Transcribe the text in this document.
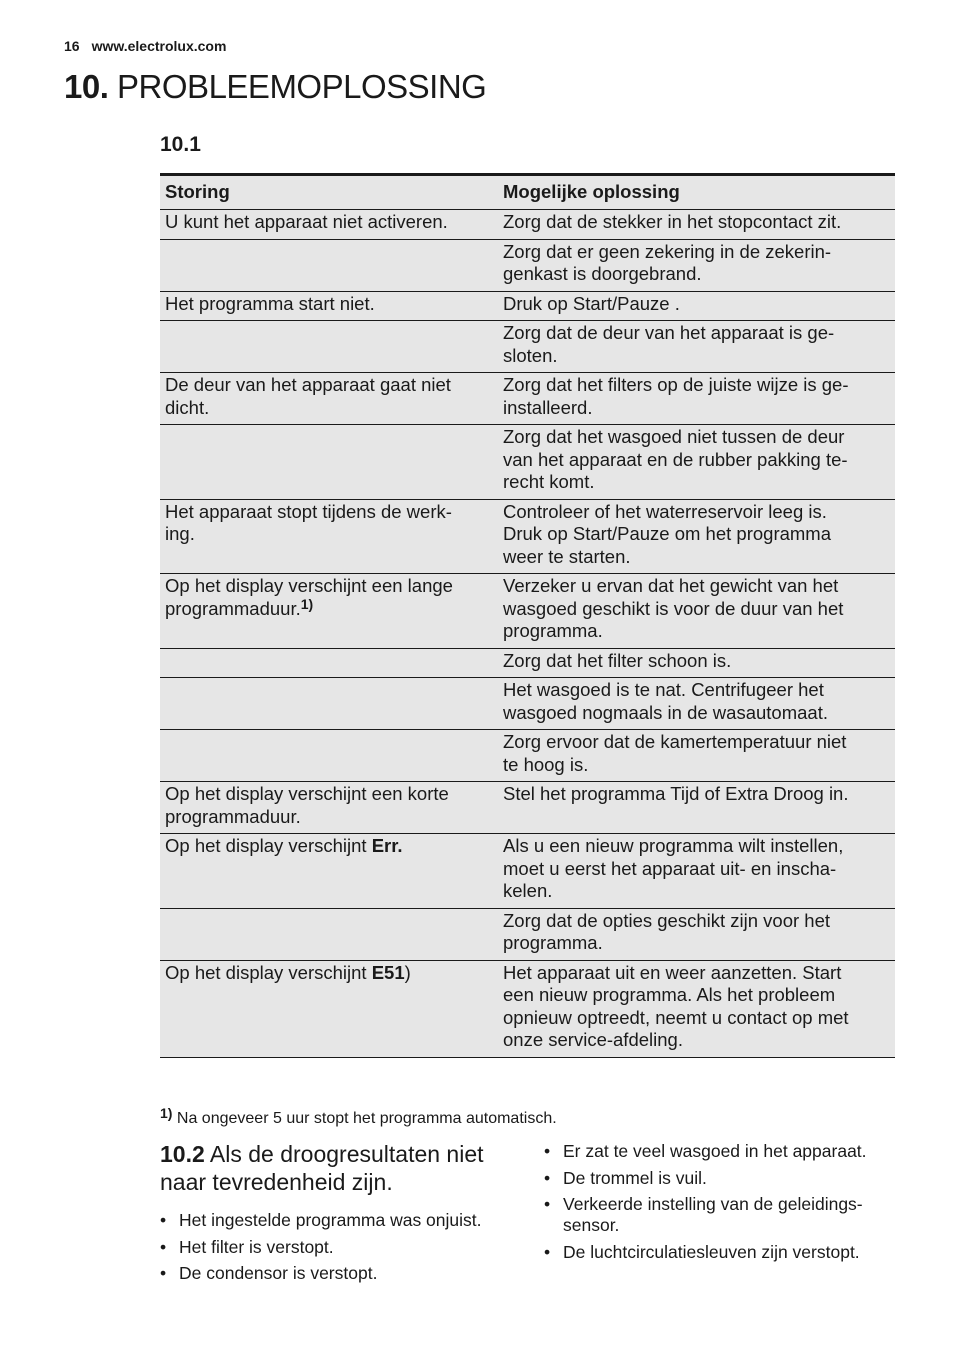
16 www.electrolux.com
10. PROBLEEMOPLOSSING
10.1
Storing	Mogelijke oplossing
U kunt het apparaat niet activeren.	Zorg dat de stekker in het stopcontact zit.
	Zorg dat er geen zekering in de zekerin-
genkast is doorgebrand.
Het programma start niet.	Druk op Start/Pauze .
	Zorg dat de deur van het apparaat is ge-
sloten.
De deur van het apparaat gaat niet
dicht.	Zorg dat het filters op de juiste wijze is ge-
installeerd.
	Zorg dat het wasgoed niet tussen de deur
van het apparaat en de rubber pakking te-
recht komt.
Het apparaat stopt tijdens de werk-
ing.	Controleer of het waterreservoir leeg is.
Druk op Start/Pauze om het programma
weer te starten.
Op het display verschijnt een lange
programmaduur.$^{1)}$	Verzeker u ervan dat het gewicht van het
wasgoed geschikt is voor de duur van het
programma.
	Zorg dat het filter schoon is.
	Het wasgoed is te nat. Centrifugeer het
wasgoed nogmaals in de wasautomaat.
	Zorg ervoor dat de kamertemperatuur niet
te hoog is.
Op het display verschijnt een korte
programmaduur.	Stel het programma Tijd of Extra Droog in.
Op het display verschijnt Err.	Als u een nieuw programma wilt instellen,
moet u eerst het apparaat uit- en inscha-
kelen.
	Zorg dat de opties geschikt zijn voor het
programma.
Op het display verschijnt E51)	Het apparaat uit en weer aanzetten. Start
een nieuw programma. Als het probleem
opnieuw optreedt, neemt u contact op met
onze service-afdeling.
$^{1)}$ Na ongeveer 5 uur stopt het programma automatisch.
10.2 Als de droogresultaten niet naar tevredenheid zijn.
• Het ingestelde programma was onjuist.
• Het filter is verstopt.
• De condensor is verstopt.
• Er zat te veel wasgoed in het apparaat.
• De trommel is vuil.
• Verkeerde instelling van de geleidings-
sensor.
• De luchtcirculatiesleuven zijn verstopt.
